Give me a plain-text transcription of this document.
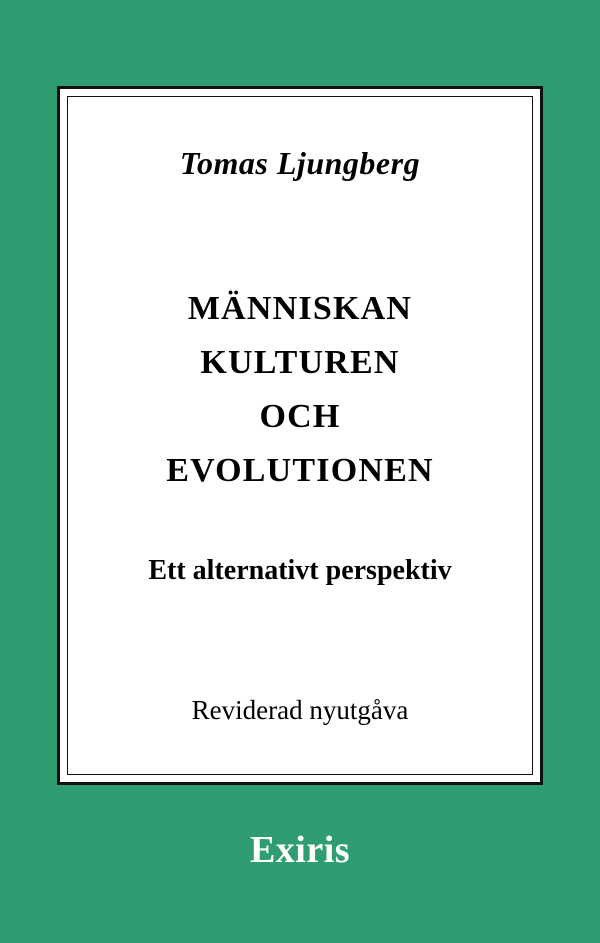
Tomas Ljungberg
MÄNNISKAN
KULTUREN
OCH
EVOLUTIONEN
Ett alternativt perspektiv
Reviderad nyutgåva
Exiris
